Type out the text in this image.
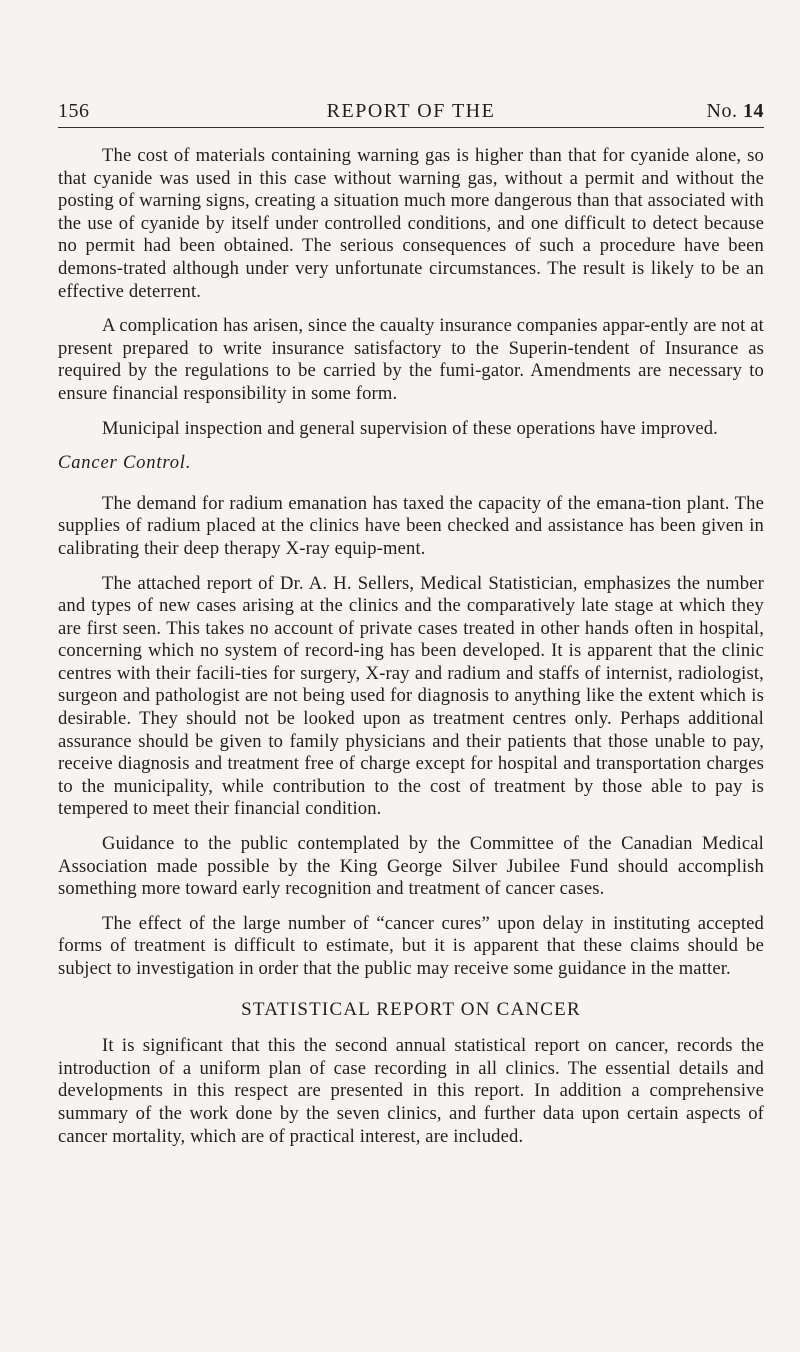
156	REPORT OF THE	No. 14

The cost of materials containing warning gas is higher than that for cyanide alone, so that cyanide was used in this case without warning gas, without a permit and without the posting of warning signs, creating a situation much more dangerous than that associated with the use of cyanide by itself under controlled conditions, and one difficult to detect because no permit had been obtained. The serious consequences of such a procedure have been demons-trated although under very unfortunate circumstances. The result is likely to be an effective deterrent.

A complication has arisen, since the caualty insurance companies appar-ently are not at present prepared to write insurance satisfactory to the Superin-tendent of Insurance as required by the regulations to be carried by the fumi-gator. Amendments are necessary to ensure financial responsibility in some form.

Municipal inspection and general supervision of these operations have improved.

Cancer Control.

The demand for radium emanation has taxed the capacity of the emana-tion plant. The supplies of radium placed at the clinics have been checked and assistance has been given in calibrating their deep therapy X-ray equip-ment.

The attached report of Dr. A. H. Sellers, Medical Statistician, emphasizes the number and types of new cases arising at the clinics and the comparatively late stage at which they are first seen. This takes no account of private cases treated in other hands often in hospital, concerning which no system of record-ing has been developed. It is apparent that the clinic centres with their facili-ties for surgery, X-ray and radium and staffs of internist, radiologist, surgeon and pathologist are not being used for diagnosis to anything like the extent which is desirable. They should not be looked upon as treatment centres only. Perhaps additional assurance should be given to family physicians and their patients that those unable to pay, receive diagnosis and treatment free of charge except for hospital and transportation charges to the municipality, while contribution to the cost of treatment by those able to pay is tempered to meet their financial condition.

Guidance to the public contemplated by the Committee of the Canadian Medical Association made possible by the King George Silver Jubilee Fund should accomplish something more toward early recognition and treatment of cancer cases.

The effect of the large number of “cancer cures” upon delay in instituting accepted forms of treatment is difficult to estimate, but it is apparent that these claims should be subject to investigation in order that the public may receive some guidance in the matter.

STATISTICAL REPORT ON CANCER

It is significant that this the second annual statistical report on cancer, records the introduction of a uniform plan of case recording in all clinics. The essential details and developments in this respect are presented in this report. In addition a comprehensive summary of the work done by the seven clinics, and further data upon certain aspects of cancer mortality, which are of practical interest, are included.
